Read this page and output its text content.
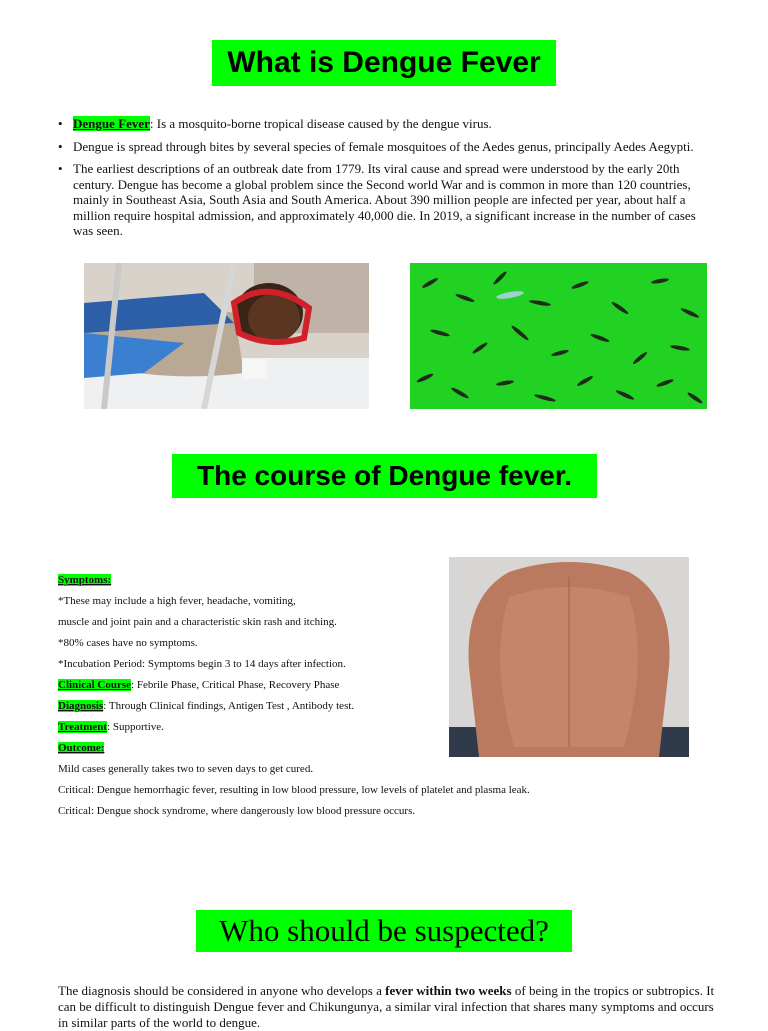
What is Dengue Fever
• Dengue Fever: Is a mosquito-borne tropical disease caused by the dengue virus.
• Dengue is spread through bites by several species of female mosquitoes of the Aedes genus, principally Aedes Aegypti.
• The earliest descriptions of an outbreak date from 1779. Its viral cause and spread were understood by the early 20th century. Dengue has become a global problem since the Second world War and is common in more than 120 countries, mainly in Southeast Asia, South Asia and South America. About 390 million people are infected per year, about half a million require hospital admission, and approximately 40,000 die. In 2019, a significant increase in the number of cases was seen.
The course of Dengue fever.
Symptoms:
*These may include a high fever, headache, vomiting,
muscle and joint pain and a characteristic skin rash and itching.
*80% cases have no symptoms.
*Incubation Period: Symptoms begin 3 to 14 days after infection.
Clinical Course: Febrile Phase, Critical Phase, Recovery Phase
Diagnosis: Through Clinical findings, Antigen Test , Antibody test.
Treatment: Supportive.
Outcome:
Mild cases generally takes two to seven days to get cured.
Critical: Dengue hemorrhagic fever, resulting in low blood pressure, low levels of platelet and plasma leak.
Critical: Dengue shock syndrome, where dangerously low blood pressure occurs.
Who should be suspected?
The diagnosis should be considered in anyone who develops a fever within two weeks of being in the tropics or subtropics. It can be difficult to distinguish Dengue fever and Chikungunya, a similar viral infection that shares many symptoms and occurs in similar parts of the world to dengue.
